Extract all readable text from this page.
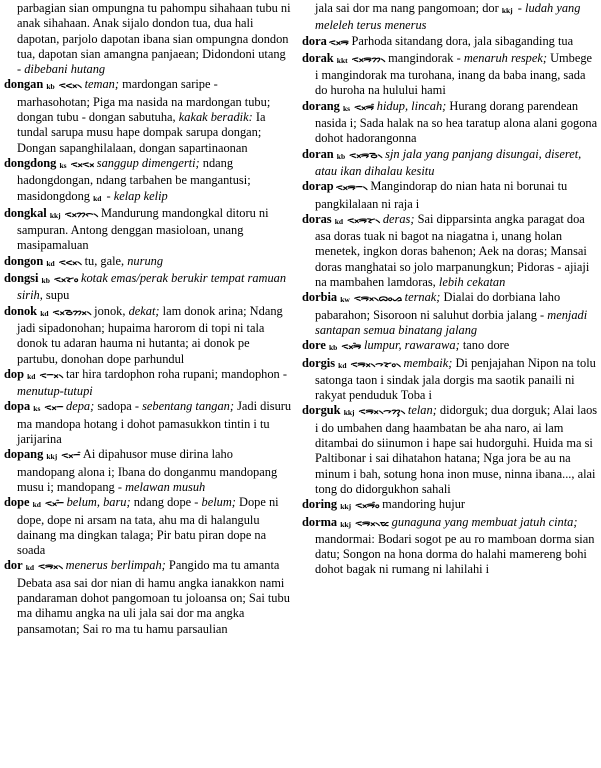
parbagian sian ompungna tu pahompu sihahaan tubu ni anak sihahaan. Anak sijalo dondon tua, dua hali dapotan, parjolo dapotan ibana sian ompungna dondon tua, dapotan sian amangna panjaean; Didondoni utang - dibebani hutang

dongan kb ᯑᯬᯝ᯲ teman; mardongan saripe - marhasohotan; Piga ma nasida na mardongan tubu; dongan tubu - dongan sabutuha, kakak beradik: Ia tundal sarupa musu hape dompak sarupa dongan; Dongan sapanghilalaan, dongan sapartinaonan

dongdong ks ᯑᯬᯑᯬ sanggup dimengerti; ndang hadongdongan, ndang tarbahen be mangantusi; masidongdong kd - kelap kelip

dongkal kkj ᯑᯬᯂᯞ᯲ Mandurung mandongkal ditoru ni sampuran. Antong denggan masioloan, unang masipamaluan

dongon kd ᯑᯬᯝ᯲ tu, gale, nurung

dongsi kb ᯑᯬᯘᯪ kotak emas/perak berukir tempat ramuan sirih, supu

donok kd ᯑᯬᯉᯬᯂ᯲ jonok, dekat; lam donok arina; Ndang jadi sipadonohan; hupaima harorom di topi ni tala donok tu adaran hauma ni hutanta; ai donok pe partubu, donohan dope parhundul

dop kd ᯑᯬᯇ᯲ tar hira tardophon roha rupani; mandophon - menutup-tutupi

dopa ks ᯑᯬᯇ depa; sadopa - sebentang tangan; Jadi disuru ma mandopa hotang i dohot pamasukkon tintin i tu jarijarina

dopang kkj ᯑᯬᯇᯰ Ai dipahusor muse dirina laho mandopang alona i; Ibana do donganmu mandopang musu i; mandopang - melawan musuh

dope kd ᯑᯬᯇᯩ belum, baru; ndang dope - belum; Dope ni dope, dope ni arsam na tata, ahu ma di halangulu dainang ma dingkan talaga; Pir batu piran dope na soada

dor kd ᯑᯬᯒ᯲ menerus berlimpah; Pangido ma tu amanta Debata asa sai dor nian di hamu angka ianakkon nami pandaraman dohot pangomoan tu joloansa on; Sai tubu ma dihamu angka na uli jala sai dor ma angka pansamotan; Sai ro ma tu hamu parsaulian

jala sai dor ma nang pangomoan; dor kkj - ludah yang meleleh terus menerus

dora ᯑᯬᯒ Parhoda sitandang dora, jala sibaganding tua

dorak kkt ᯑᯬᯒᯂ᯲ mangindorak - menaruh respek; Umbege i mangindorak ma turohana, inang da baba inang, sada do huroha na hulului hami

dorang ks ᯑᯬᯒᯰ hidup, lincah; Hurang dorang parendean nasida i; Sada halak na so hea taratup alona alani gogona dohot hadorangonna

doran kb ᯑᯬᯒᯉ᯲ sjn jala yang panjang disungai, diseret, atau ikan dihalau kesitu

dorap ᯑᯬᯒᯇ᯲ Mangindorap do nian hata ni borunai tu pangkilalaan ni raja i

doras kd ᯑᯬᯒᯘ᯲ deras; Sai dipparsinta angka paragat doa asa doras tuak ni bagot na niagatna i, unang holan menetek, ingkon doras bahenon; Aek na doras; Mansai doras manghatai so jolo marpanungkun; Pidoras - ajiaji na mambahen lamdoras, lebih cekatan

dorbia kw ᯑᯬᯒ᯲ᯅᯪᯀ ternak; Dialai do dorbiana laho pabarahon; Sisoroon ni saluhut dorbia jalang - menjadi santapan semua binatang jalang

dore kb ᯑᯬᯒᯩ lumpur, rawarawa; tano dore

dorgis kd ᯑᯬᯒ᯲ᯎᯪᯘ᯲ membaik; Di penjajahan Nipon na tolu satonga taon i sindak jala dorgis ma saotik panaili ni rakyat penduduk Toba i

dorguk kkj ᯑᯬᯒ᯲ᯎᯮᯂ᯲ telan; didorguk; dua dorguk; Alai laos i do umbahen dang haambatan be aha naro, ai lam ditambai do siinumon i hape sai hudorguhi. Huida ma si Paltibonar i sai dihatahon hatana; Nga jora be au na minum i bah, sotung hona inon muse, ninna ibana..., alai tong do didorgukhon sahali

doring kkj ᯑᯬᯒᯪᯰ mandoring hujur

dorma kkj ᯑᯬᯒ᯲ᯔ gunaguna yang membuat jatuh cinta; mandormai: Bodari sogot pe au ro mamboan dorma sian datu; Songon na hona dorma do halahi mamereng bohi dohot bagak ni rumang ni lahilahi i
